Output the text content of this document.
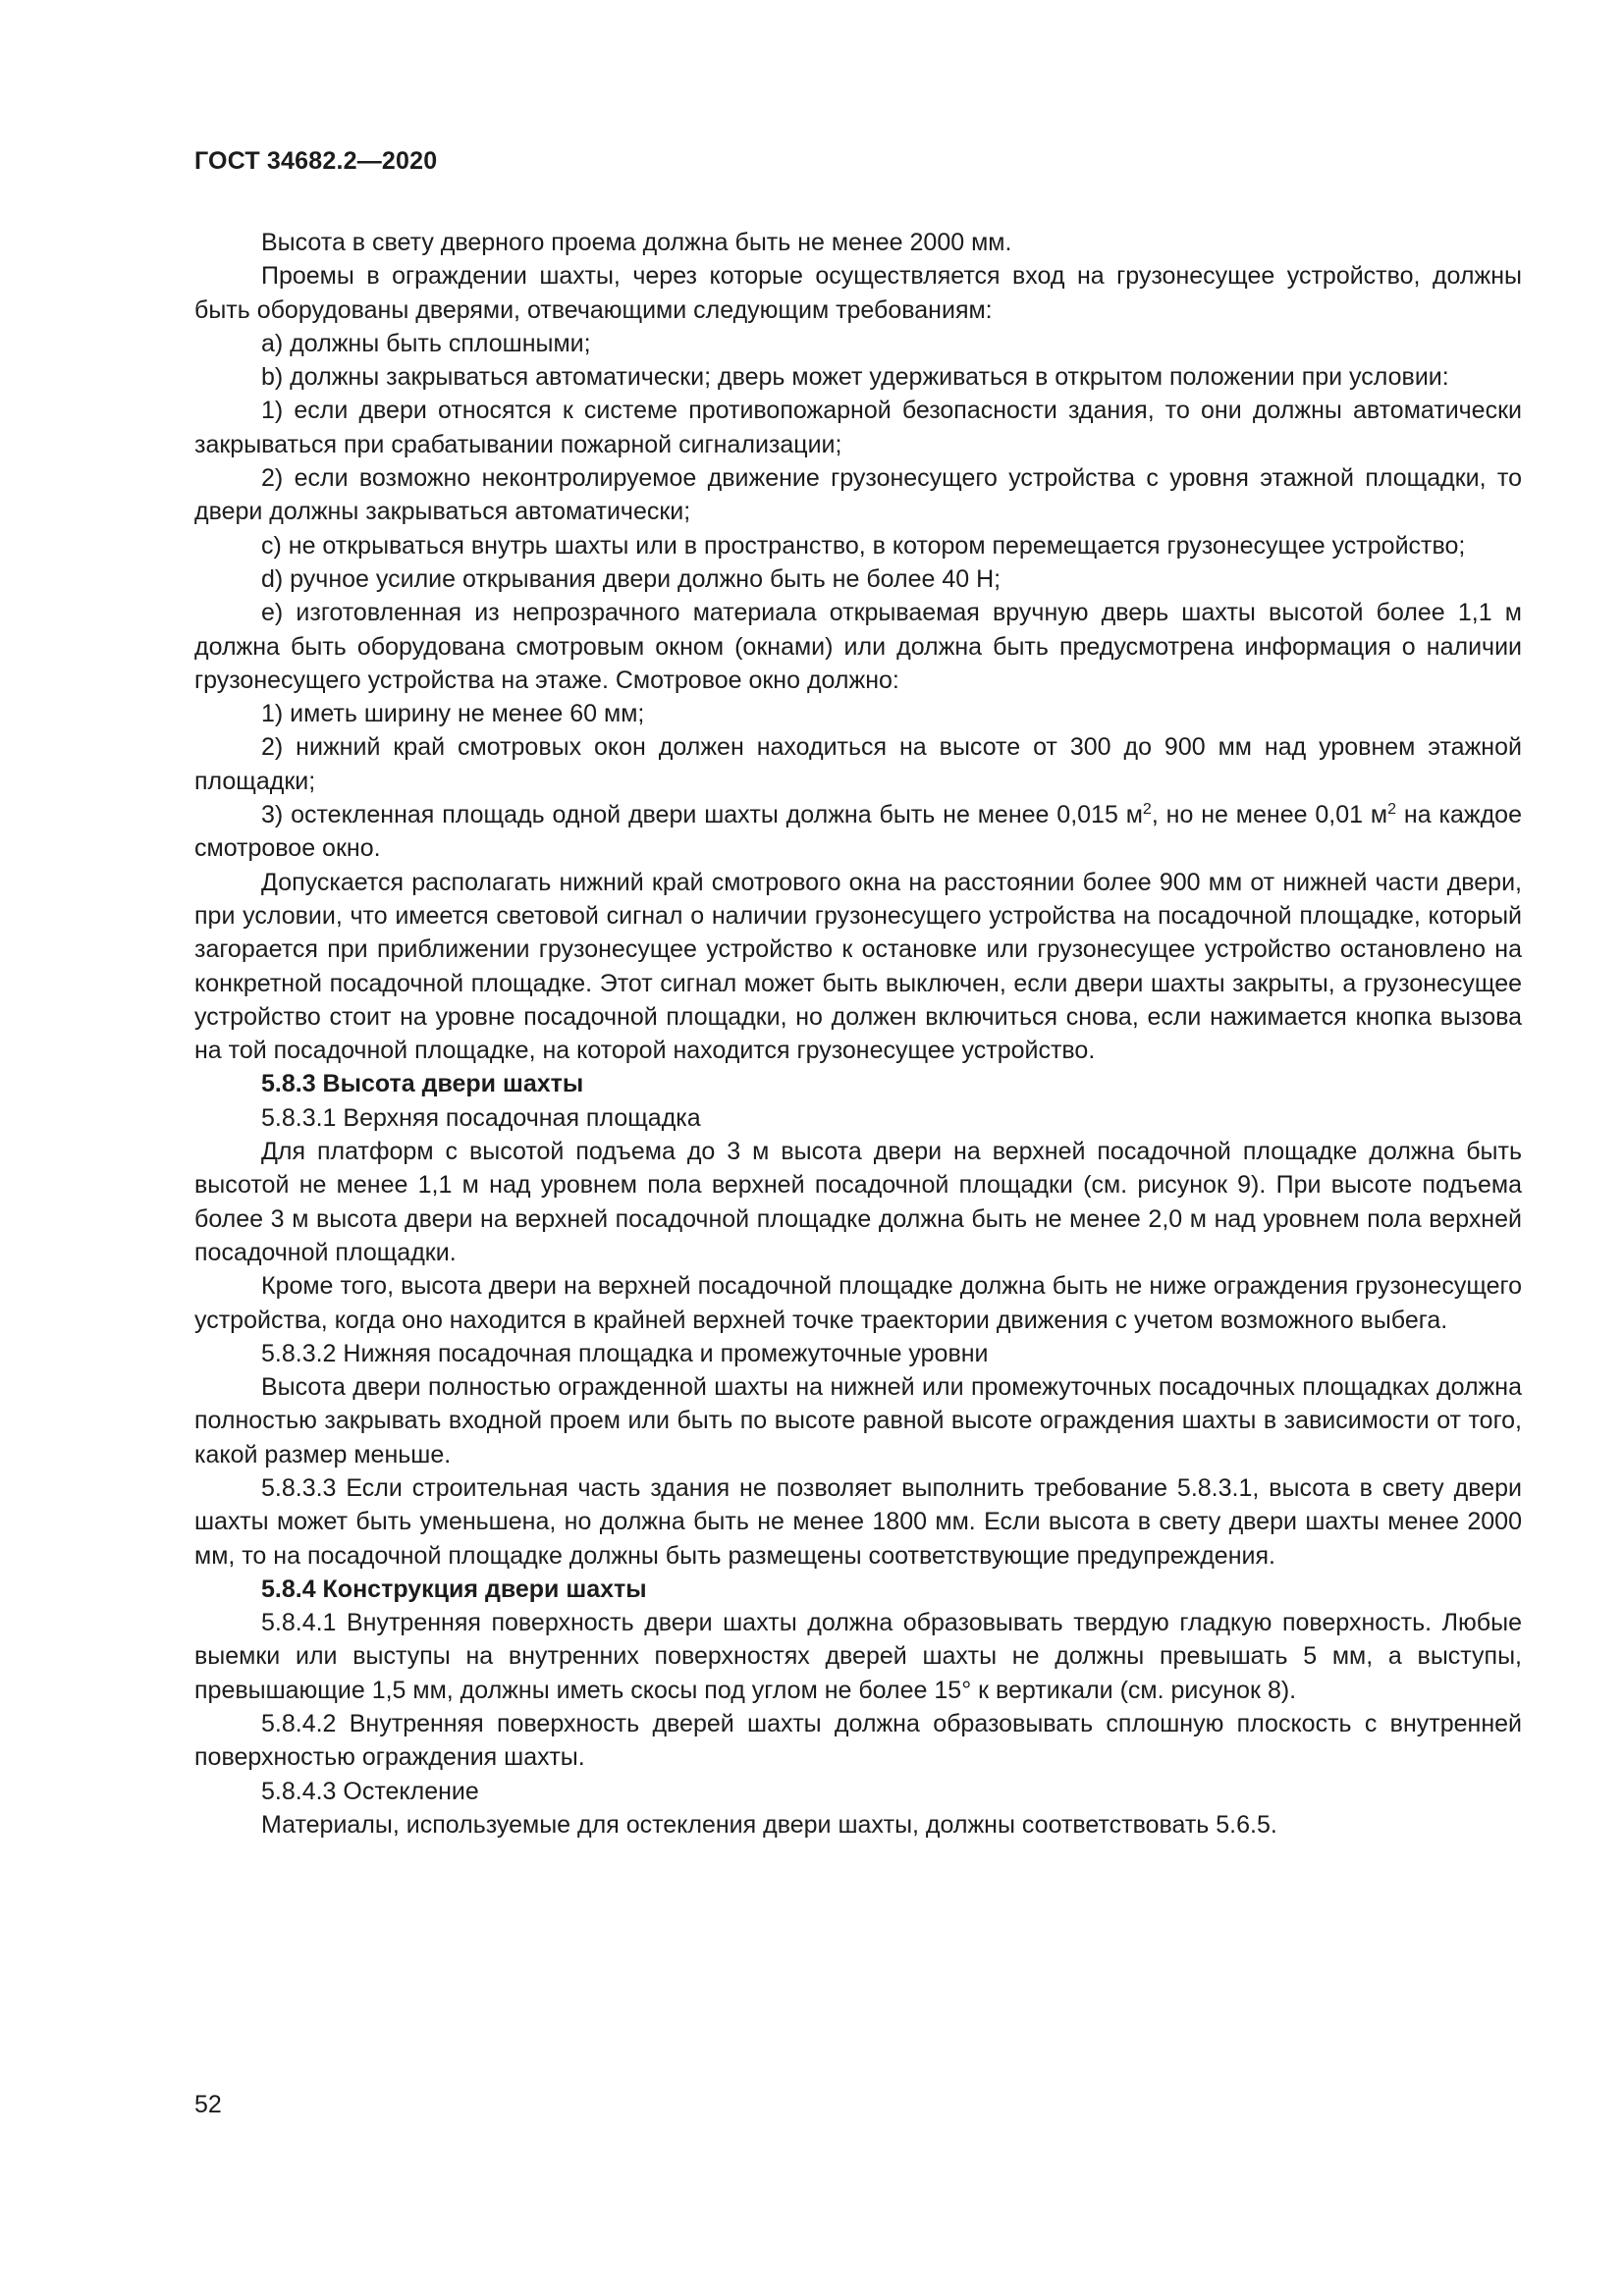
ГОСТ 34682.2—2020

Высота в свету дверного проема должна быть не менее 2000 мм.

Проемы в ограждении шахты, через которые осуществляется вход на грузонесущее устройство, должны быть оборудованы дверями, отвечающими следующим требованиям:

a) должны быть сплошными;

b) должны закрываться автоматически; дверь может удерживаться в открытом положении при условии:

1) если двери относятся к системе противопожарной безопасности здания, то они должны автоматически закрываться при срабатывании пожарной сигнализации;

2) если возможно неконтролируемое движение грузонесущего устройства с уровня этажной площадки, то двери должны закрываться автоматически;

c) не открываться внутрь шахты или в пространство, в котором перемещается грузонесущее устройство;

d) ручное усилие открывания двери должно быть не более 40 Н;

e) изготовленная из непрозрачного материала открываемая вручную дверь шахты высотой более 1,1 м должна быть оборудована смотровым окном (окнами) или должна быть предусмотрена информация о наличии грузонесущего устройства на этаже. Смотровое окно должно:

1) иметь ширину не менее 60 мм;

2) нижний край смотровых окон должен находиться на высоте от 300 до 900 мм над уровнем этажной площадки;

3) остекленная площадь одной двери шахты должна быть не менее 0,015 $м^2$, но не менее 0,01 $м^2$ на каждое смотровое окно.

Допускается располагать нижний край смотрового окна на расстоянии более 900 мм от нижней части двери, при условии, что имеется световой сигнал о наличии грузонесущего устройства на посадочной площадке, который загорается при приближении грузонесущее устройство к остановке или грузонесущее устройство остановлено на конкретной посадочной площадке. Этот сигнал может быть выключен, если двери шахты закрыты, а грузонесущее устройство стоит на уровне посадочной площадки, но должен включиться снова, если нажимается кнопка вызова на той посадочной площадке, на которой находится грузонесущее устройство.

5.8.3 Высота двери шахты

5.8.3.1 Верхняя посадочная площадка

Для платформ с высотой подъема до 3 м высота двери на верхней посадочной площадке должна быть высотой не менее 1,1 м над уровнем пола верхней посадочной площадки (см. рисунок 9). При высоте подъема более 3 м высота двери на верхней посадочной площадке должна быть не менее 2,0 м над уровнем пола верхней посадочной площадки.

Кроме того, высота двери на верхней посадочной площадке должна быть не ниже ограждения грузонесущего устройства, когда оно находится в крайней верхней точке траектории движения с учетом возможного выбега.

5.8.3.2 Нижняя посадочная площадка и промежуточные уровни

Высота двери полностью огражденной шахты на нижней или промежуточных посадочных площадках должна полностью закрывать входной проем или быть по высоте равной высоте ограждения шахты в зависимости от того, какой размер меньше.

5.8.3.3 Если строительная часть здания не позволяет выполнить требование 5.8.3.1, высота в свету двери шахты может быть уменьшена, но должна быть не менее 1800 мм. Если высота в свету двери шахты менее 2000 мм, то на посадочной площадке должны быть размещены соответствующие предупреждения.

5.8.4 Конструкция двери шахты

5.8.4.1 Внутренняя поверхность двери шахты должна образовывать твердую гладкую поверхность. Любые выемки или выступы на внутренних поверхностях дверей шахты не должны превышать 5 мм, а выступы, превышающие 1,5 мм, должны иметь скосы под углом не более 15° к вертикали (см. рисунок 8).

5.8.4.2 Внутренняя поверхность дверей шахты должна образовывать сплошную плоскость с внутренней поверхностью ограждения шахты.

5.8.4.3 Остекление

Материалы, используемые для остекления двери шахты, должны соответствовать 5.6.5.

52
